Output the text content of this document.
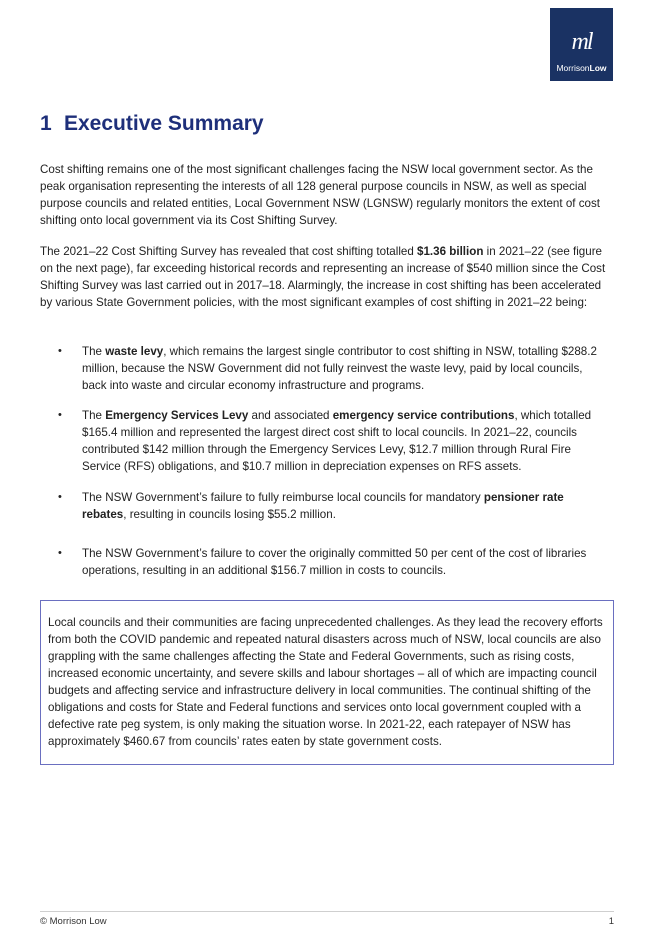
ml
MorrisonLow
1 Executive Summary

Cost shifting remains one of the most significant challenges facing the NSW local government sector. As the peak organisation representing the interests of all 128 general purpose councils in NSW, as well as special purpose councils and related entities, Local Government NSW (LGNSW) regularly monitors the extent of cost shifting onto local government via its Cost Shifting Survey.

The 2021–22 Cost Shifting Survey has revealed that cost shifting totalled $1.36 billion in 2021–22 (see figure on the next page), far exceeding historical records and representing an increase of $540 million since the Cost Shifting Survey was last carried out in 2017–18. Alarmingly, the increase in cost shifting has been accelerated by various State Government policies, with the most significant examples of cost shifting in 2021–22 being:

• The waste levy, which remains the largest single contributor to cost shifting in NSW, totalling $288.2 million, because the NSW Government did not fully reinvest the waste levy, paid by local councils, back into waste and circular economy infrastructure and programs.
• The Emergency Services Levy and associated emergency service contributions, which totalled $165.4 million and represented the largest direct cost shift to local councils. In 2021–22, councils contributed $142 million through the Emergency Services Levy, $12.7 million through Rural Fire Service (RFS) obligations, and $10.7 million in depreciation expenses on RFS assets.
• The NSW Government’s failure to fully reimburse local councils for mandatory pensioner rate rebates, resulting in councils losing $55.2 million.
• The NSW Government’s failure to cover the originally committed 50 per cent of the cost of libraries operations, resulting in an additional $156.7 million in costs to councils.

Local councils and their communities are facing unprecedented challenges. As they lead the recovery efforts from both the COVID pandemic and repeated natural disasters across much of NSW, local councils are also grappling with the same challenges affecting the State and Federal Governments, such as rising costs, increased economic uncertainty, and severe skills and labour shortages – all of which are impacting council budgets and affecting service and infrastructure delivery in local communities. The continual shifting of the obligations and costs for State and Federal functions and services onto local government coupled with a defective rate peg system, is only making the situation worse. In 2021-22, each ratepayer of NSW has approximately $460.67 from councils’ rates eaten by state government costs.

© Morrison Low	1
